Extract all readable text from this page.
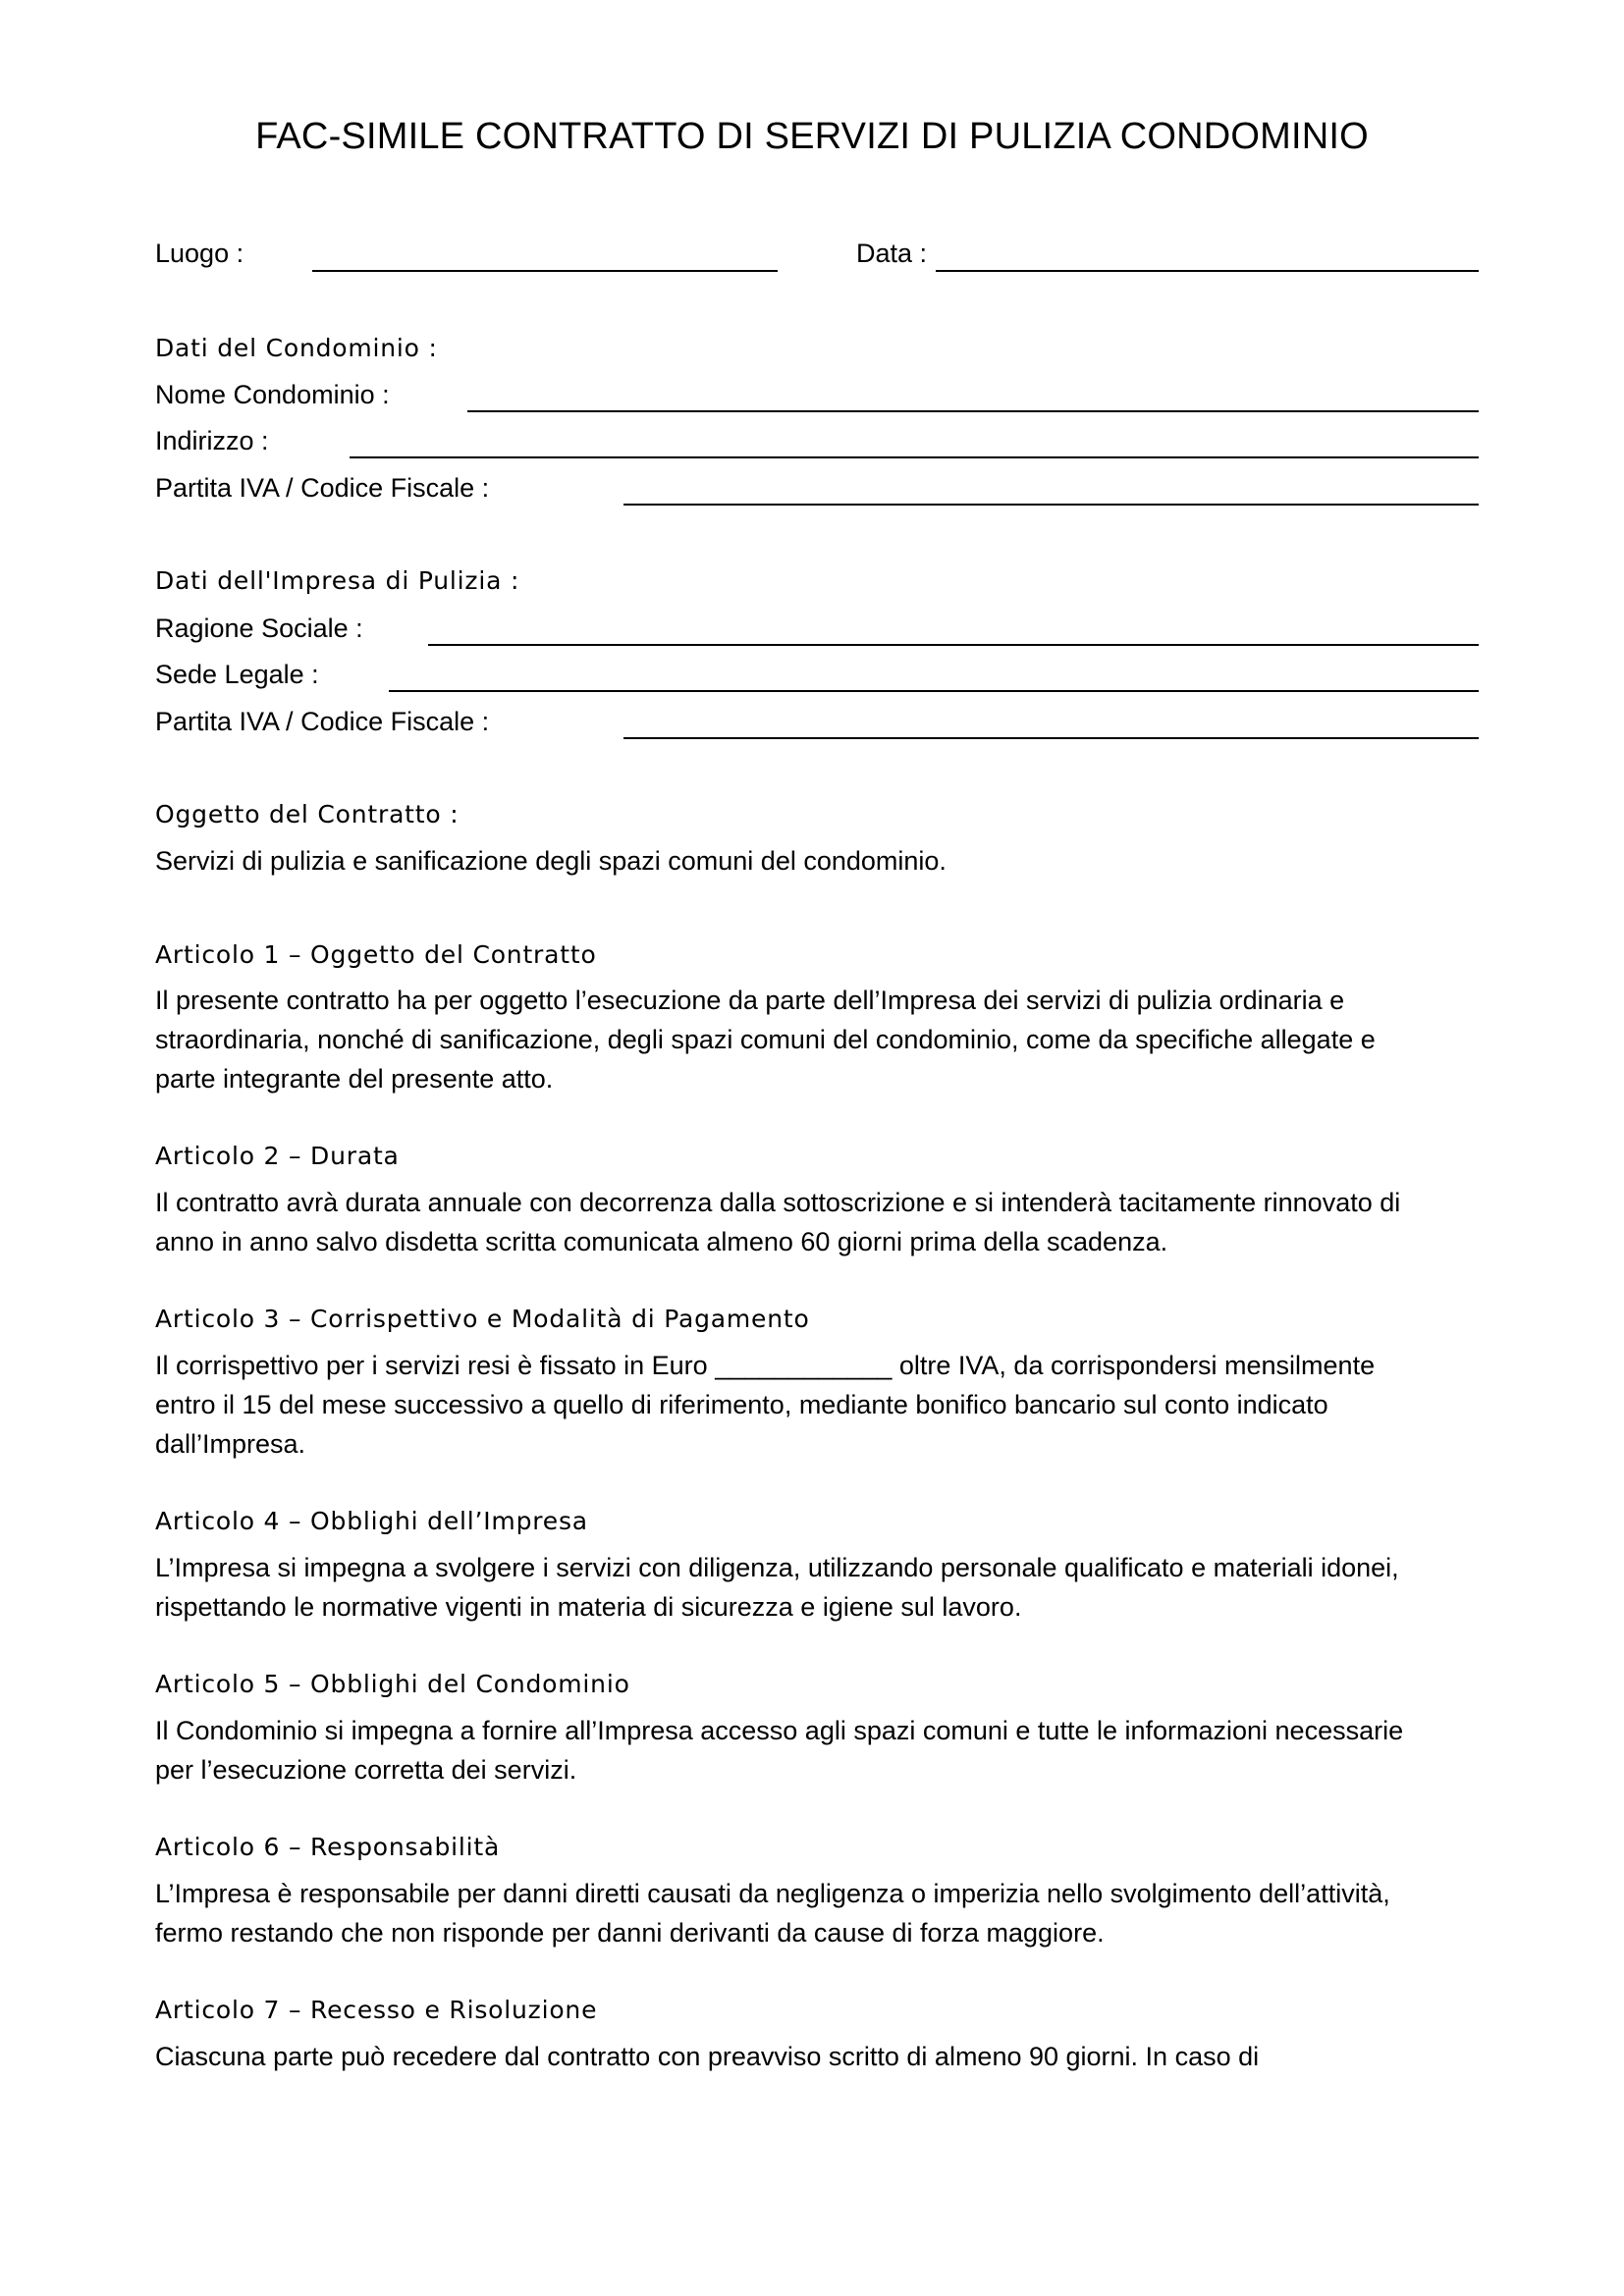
FAC-SIMILE CONTRATTO DI SERVIZI DI PULIZIA CONDOMINIO

Luogo :	Data :

Dati del Condominio :

Nome Condominio :

Indirizzo :

Partita IVA / Codice Fiscale :

Dati dell'Impresa di Pulizia :

Ragione Sociale :

Sede Legale :

Partita IVA / Codice Fiscale :

Oggetto del Contratto :

Servizi di pulizia e sanificazione degli spazi comuni del condominio.

Articolo 1 – Oggetto del Contratto

Il presente contratto ha per oggetto l’esecuzione da parte dell’Impresa dei servizi di pulizia ordinaria e
straordinaria, nonché di sanificazione, degli spazi comuni del condominio, come da specifiche allegate e
parte integrante del presente atto.

Articolo 2 – Durata

Il contratto avrà durata annuale con decorrenza dalla sottoscrizione e si intenderà tacitamente rinnovato di
anno in anno salvo disdetta scritta comunicata almeno 60 giorni prima della scadenza.

Articolo 3 – Corrispettivo e Modalità di Pagamento

Il corrispettivo per i servizi resi è fissato in Euro ____________ oltre IVA, da corrispondersi mensilmente
entro il 15 del mese successivo a quello di riferimento, mediante bonifico bancario sul conto indicato
dall’Impresa.

Articolo 4 – Obblighi dell’Impresa

L’Impresa si impegna a svolgere i servizi con diligenza, utilizzando personale qualificato e materiali idonei,
rispettando le normative vigenti in materia di sicurezza e igiene sul lavoro.

Articolo 5 – Obblighi del Condominio

Il Condominio si impegna a fornire all’Impresa accesso agli spazi comuni e tutte le informazioni necessarie
per l’esecuzione corretta dei servizi.

Articolo 6 – Responsabilità

L’Impresa è responsabile per danni diretti causati da negligenza o imperizia nello svolgimento dell’attività,
fermo restando che non risponde per danni derivanti da cause di forza maggiore.

Articolo 7 – Recesso e Risoluzione

Ciascuna parte può recedere dal contratto con preavviso scritto di almeno 90 giorni. In caso di
